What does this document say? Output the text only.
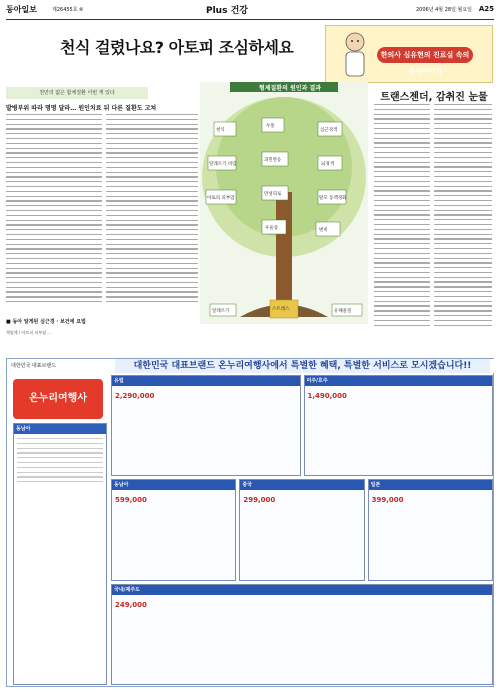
동아일보	제26455호 ⑥	Plus 건강	2006년 4월 28일 월요일 A25
천식 걸렸나요? 아토피 조심하세요	한의사 심유현의 진료실 속의 음식이야기
트랜스젠더, 감취진 눈물
천만의 없은 합체질환 이번 게 있다
발병부위 따라 명명 달라… 원인치료 뒤 다른 질환도 고쳐
형제질환의 원인과 결과
천식
두통
심근경색
알레르기 비염
과민반응
뇌경색
아토피 피부염
만성피로
탈모 동맥경화
우울증	변비
알레르기	스트레스	유해물질
■ 동아 알게된 심근경 · 보건에 요법
책임예 / 아토피 피부염 ...
대한민국 대표브랜드	대한민국 대표브랜드 온누리여행사에서 특별한 혜택, 특별한 서비스로 모시겠습니다!!
온누리여행사
동남아
유럽
2,290,000
미주/호주
1,490,000
동남아
599,000
중국
299,000
일본
399,000
국내/제주도
249,000
